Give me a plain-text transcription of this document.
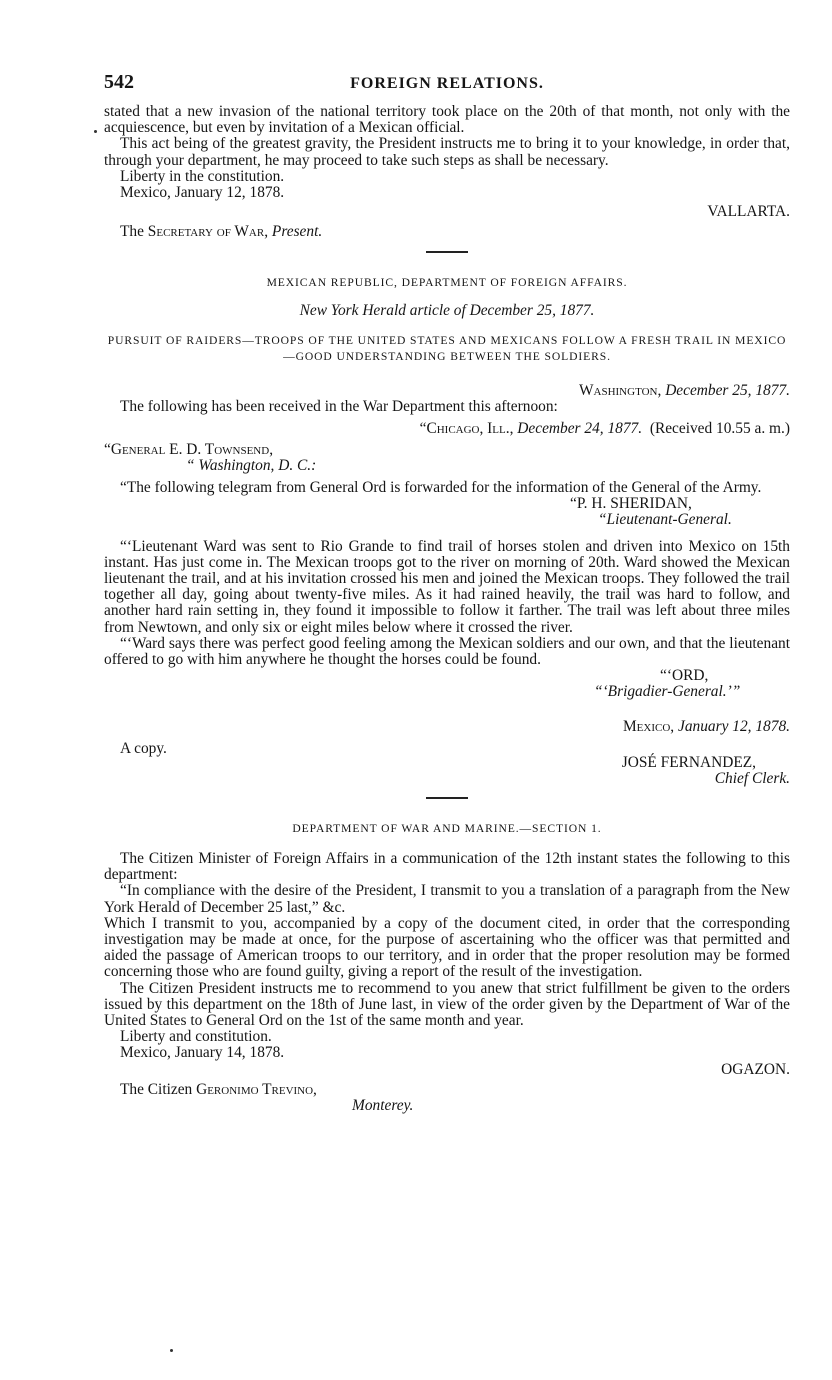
542	FOREIGN RELATIONS.

stated that a new invasion of the national territory took place on the 20th of that month, not only with the acquiescence, but even by invitation of a Mexican official.

This act being of the greatest gravity, the President instructs me to bring it to your knowledge, in order that, through your department, he may proceed to take such steps as shall be necessary.

Liberty in the constitution.

Mexico, January 12, 1878.

VALLARTA.

The Secretary of War, Present.

MEXICAN REPUBLIC, DEPARTMENT OF FOREIGN AFFAIRS.

New York Herald article of December 25, 1877.

PURSUIT OF RAIDERS—TROOPS OF THE UNITED STATES AND MEXICANS FOLLOW A FRESH TRAIL IN MEXICO—GOOD UNDERSTANDING BETWEEN THE SOLDIERS.

Washington, December 25, 1877.

The following has been received in the War Department this afternoon:

“Chicago, Ill., December 24, 1877. (Received 10.55 a. m.)

“General E. D. Townsend,

“ Washington, D. C.:

“The following telegram from General Ord is forwarded for the information of the General of the Army.

“P. H. SHERIDAN,

“Lieutenant-General.

“‘Lieutenant Ward was sent to Rio Grande to find trail of horses stolen and driven into Mexico on 15th instant. Has just come in. The Mexican troops got to the river on morning of 20th. Ward showed the Mexican lieutenant the trail, and at his invitation crossed his men and joined the Mexican troops. They followed the trail together all day, going about twenty-five miles. As it had rained heavily, the trail was hard to follow, and another hard rain setting in, they found it impossible to follow it farther. The trail was left about three miles from Newtown, and only six or eight miles below where it crossed the river.

“‘Ward says there was perfect good feeling among the Mexican soldiers and our own, and that the lieutenant offered to go with him anywhere he thought the horses could be found.

“‘ORD,

“‘Brigadier-General.’”

Mexico, January 12, 1878.

A copy.

JOSÉ FERNANDEZ,

Chief Clerk.

DEPARTMENT OF WAR AND MARINE.—SECTION 1.

The Citizen Minister of Foreign Affairs in a communication of the 12th instant states the following to this department:

“In compliance with the desire of the President, I transmit to you a translation of a paragraph from the New York Herald of December 25 last,” &c.

Which I transmit to you, accompanied by a copy of the document cited, in order that the corresponding investigation may be made at once, for the purpose of ascertaining who the officer was that permitted and aided the passage of American troops to our territory, and in order that the proper resolution may be formed concerning those who are found guilty, giving a report of the result of the investigation.

The Citizen President instructs me to recommend to you anew that strict fulfillment be given to the orders issued by this department on the 18th of June last, in view of the order given by the Department of War of the United States to General Ord on the 1st of the same month and year.

Liberty and constitution.

Mexico, January 14, 1878.

OGAZON.

The Citizen Geronimo Trevino,

Monterey.
